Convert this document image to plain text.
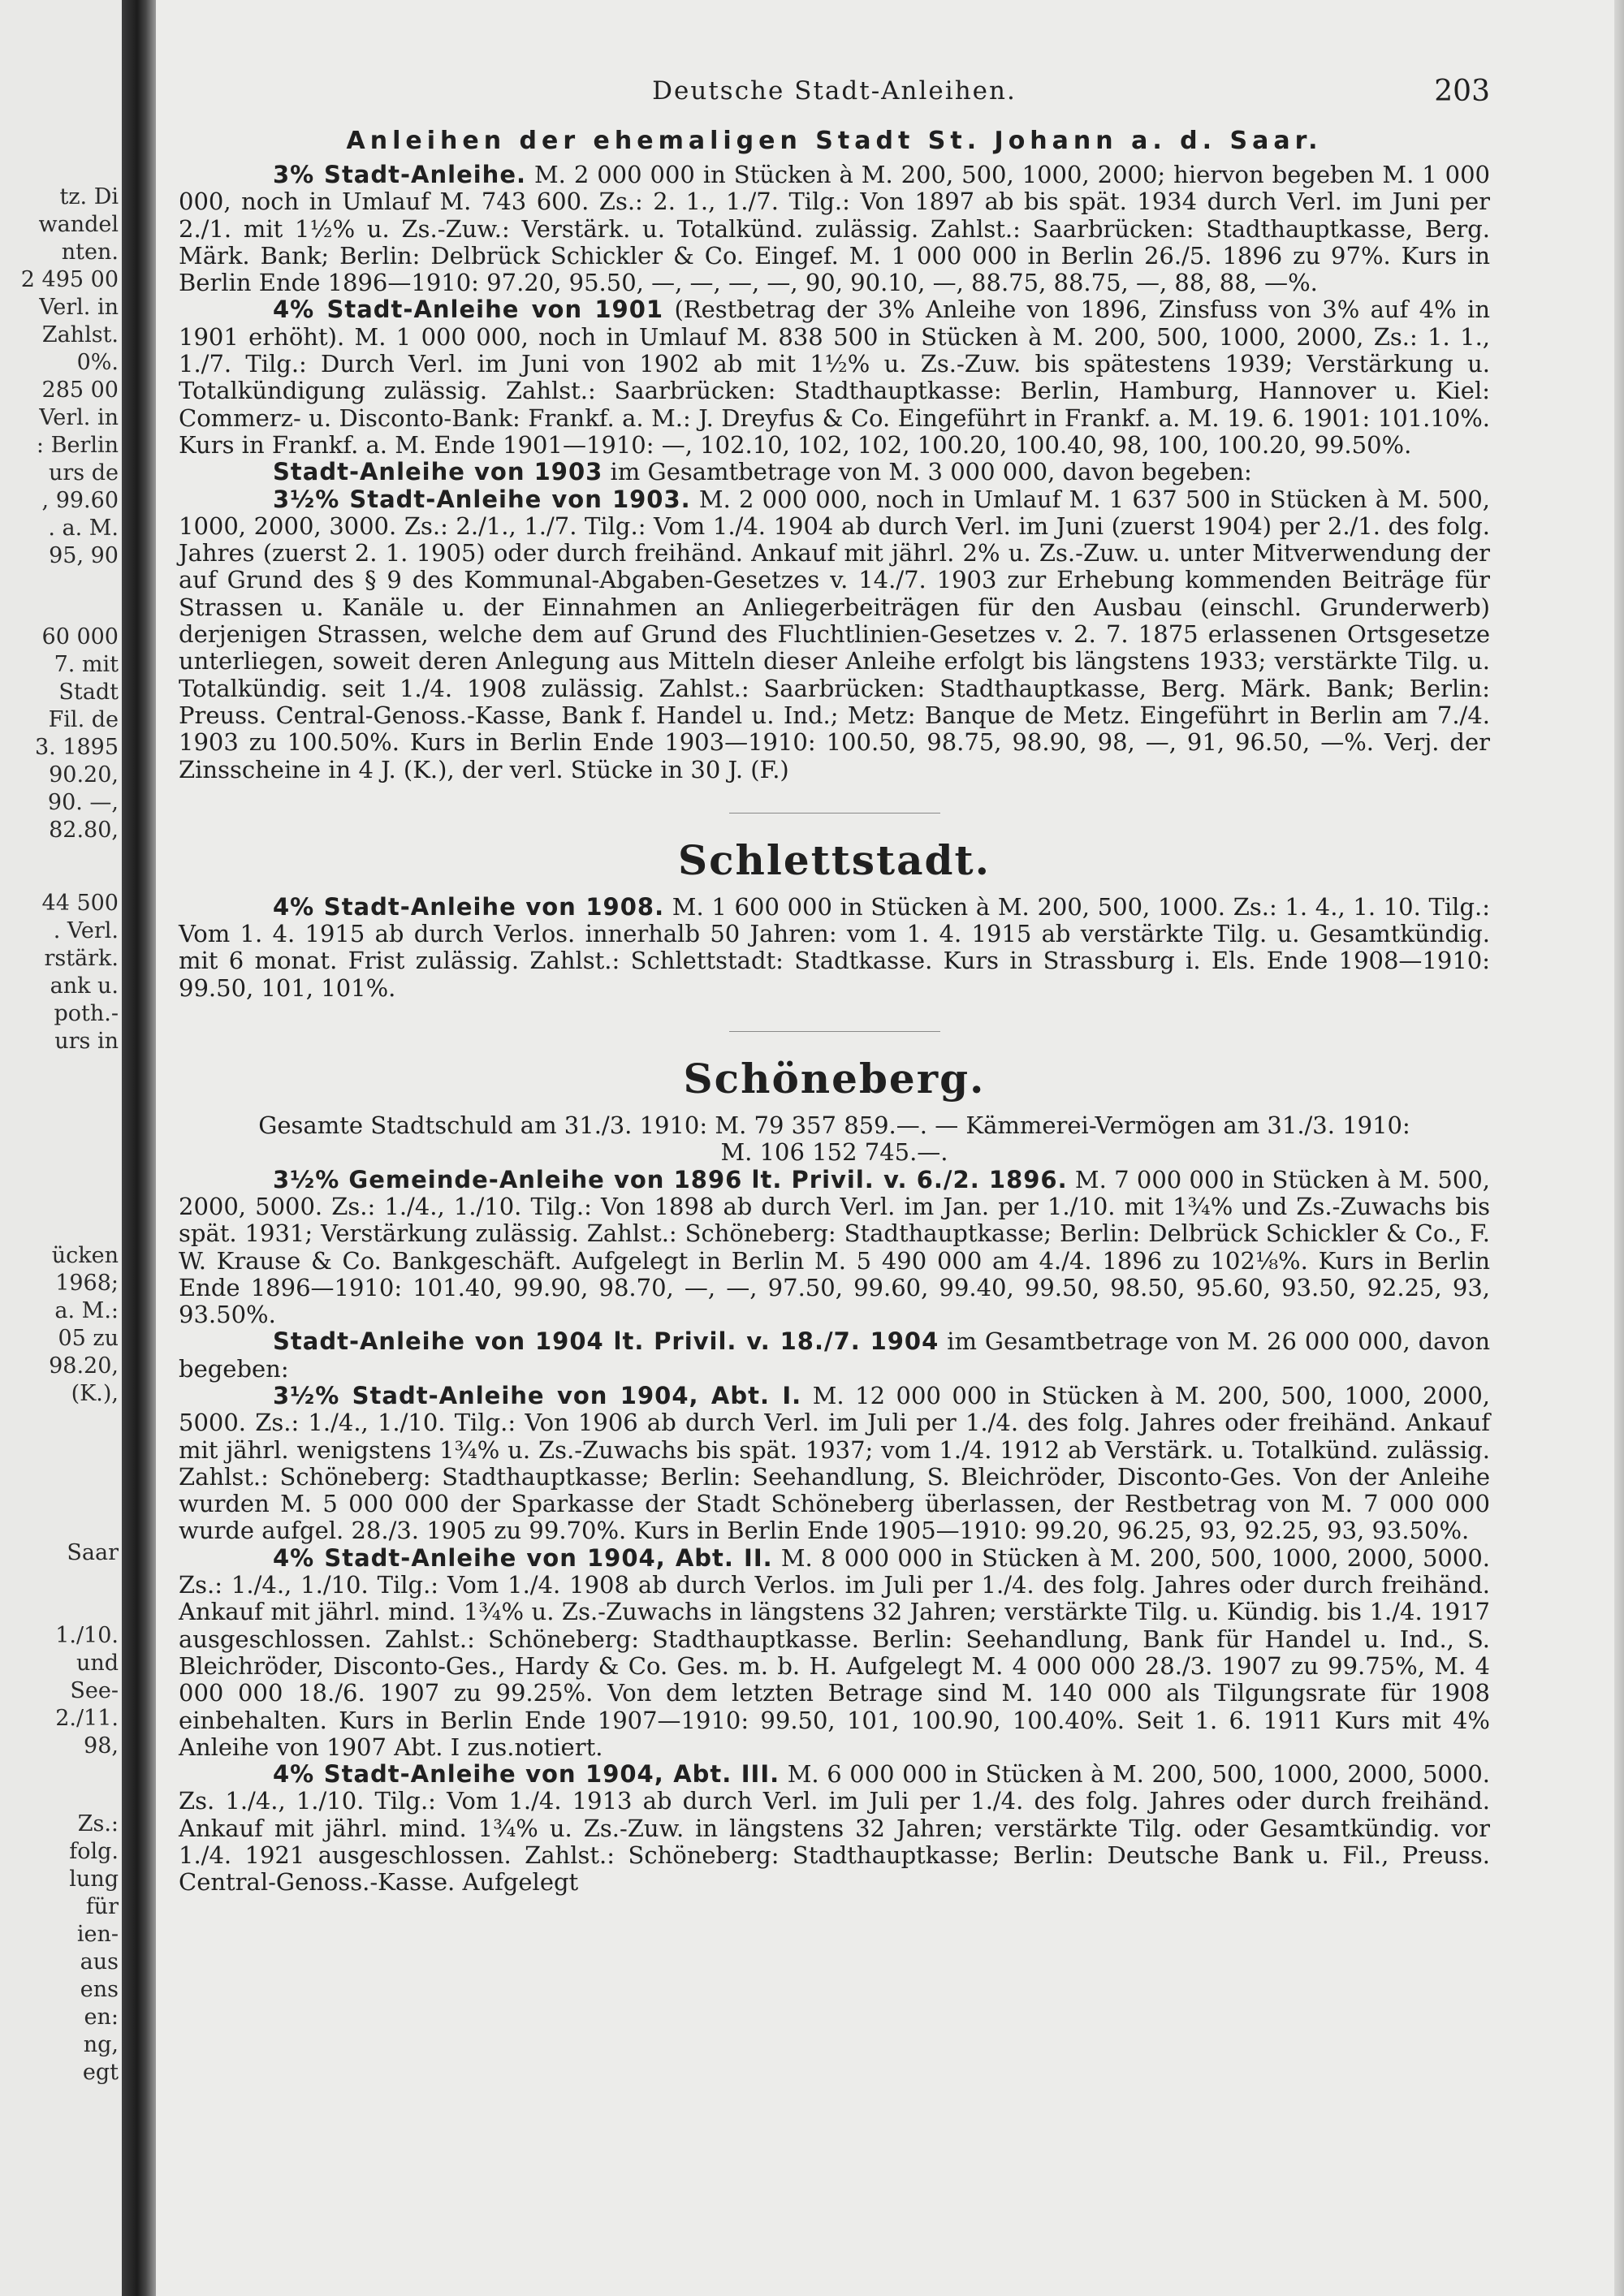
tz. Di
wandel
nten.
2 495 00
Verl. in
Zahlst.
0%.
285 00
Verl. in
: Berlin
urs de
, 99.60
. a. M.
95, 90
60 000
7. mit
Stadt
Fil. de
3. 1895
90.20,
90. —,
82.80,
44 500
. Verl.
rstärk.
ank u.
poth.-
urs in
ücken
1968;
a. M.:
05 zu
98.20,
(K.),
Saar
1./10.
und
See-
2./11.
98,
Zs.:
folg.
lung
für
ien-
aus
ens
en:
ng,
egt
Deutsche Stadt-Anleihen.	203
Anleihen der ehemaligen Stadt St. Johann a. d. Saar.

3% Stadt-Anleihe. M. 2 000 000 in Stücken à M. 200, 500, 1000, 2000; hiervon begeben M. 1 000 000, noch in Umlauf M. 743 600. Zs.: 2. 1., 1./7. Tilg.: Von 1897 ab bis spät. 1934 durch Verl. im Juni per 2./1. mit 1½% u. Zs.-Zuw.: Verstärk. u. Totalkünd. zulässig. Zahlst.: Saarbrücken: Stadthauptkasse, Berg. Märk. Bank; Berlin: Delbrück Schickler & Co. Eingef. M. 1 000 000 in Berlin 26./5. 1896 zu 97%. Kurs in Berlin Ende 1896—1910: 97.20, 95.50, —, —, —, —, 90, 90.10, —, 88.75, 88.75, —, 88, 88, —%.

4% Stadt-Anleihe von 1901 (Restbetrag der 3% Anleihe von 1896, Zinsfuss von 3% auf 4% in 1901 erhöht). M. 1 000 000, noch in Umlauf M. 838 500 in Stücken à M. 200, 500, 1000, 2000, Zs.: 1. 1., 1./7. Tilg.: Durch Verl. im Juni von 1902 ab mit 1½% u. Zs.-Zuw. bis spätestens 1939; Verstärkung u. Totalkündigung zulässig. Zahlst.: Saarbrücken: Stadthauptkasse: Berlin, Hamburg, Hannover u. Kiel: Commerz- u. Disconto-Bank: Frankf. a. M.: J. Dreyfus & Co. Eingeführt in Frankf. a. M. 19. 6. 1901: 101.10%. Kurs in Frankf. a. M. Ende 1901—1910: —, 102.10, 102, 102, 100.20, 100.40, 98, 100, 100.20, 99.50%.

Stadt-Anleihe von 1903 im Gesamtbetrage von M. 3 000 000, davon begeben:

3½% Stadt-Anleihe von 1903. M. 2 000 000, noch in Umlauf M. 1 637 500 in Stücken à M. 500, 1000, 2000, 3000. Zs.: 2./1., 1./7. Tilg.: Vom 1./4. 1904 ab durch Verl. im Juni (zuerst 1904) per 2./1. des folg. Jahres (zuerst 2. 1. 1905) oder durch freihänd. Ankauf mit jährl. 2% u. Zs.-Zuw. u. unter Mitverwendung der auf Grund des § 9 des Kommunal-Abgaben-Gesetzes v. 14./7. 1903 zur Erhebung kommenden Beiträge für Strassen u. Kanäle u. der Einnahmen an Anliegerbeiträgen für den Ausbau (einschl. Grunderwerb) derjenigen Strassen, welche dem auf Grund des Fluchtlinien-Gesetzes v. 2. 7. 1875 erlassenen Ortsgesetze unterliegen, soweit deren Anlegung aus Mitteln dieser Anleihe erfolgt bis längstens 1933; verstärkte Tilg. u. Totalkündig. seit 1./4. 1908 zulässig. Zahlst.: Saarbrücken: Stadthauptkasse, Berg. Märk. Bank; Berlin: Preuss. Central-Genoss.-Kasse, Bank f. Handel u. Ind.; Metz: Banque de Metz. Eingeführt in Berlin am 7./4. 1903 zu 100.50%. Kurs in Berlin Ende 1903—1910: 100.50, 98.75, 98.90, 98, —, 91, 96.50, —%. Verj. der Zinsscheine in 4 J. (K.), der verl. Stücke in 30 J. (F.)

Schlettstadt.

4% Stadt-Anleihe von 1908. M. 1 600 000 in Stücken à M. 200, 500, 1000. Zs.: 1. 4., 1. 10. Tilg.: Vom 1. 4. 1915 ab durch Verlos. innerhalb 50 Jahren: vom 1. 4. 1915 ab verstärkte Tilg. u. Gesamtkündig. mit 6 monat. Frist zulässig. Zahlst.: Schlettstadt: Stadtkasse. Kurs in Strassburg i. Els. Ende 1908—1910: 99.50, 101, 101%.

Schöneberg.
Gesamte Stadtschuld am 31./3. 1910: M. 79 357 859.—. — Kämmerei-Vermögen am 31./3. 1910:
M. 106 152 745.—.

3½% Gemeinde-Anleihe von 1896 lt. Privil. v. 6./2. 1896. M. 7 000 000 in Stücken à M. 500, 2000, 5000. Zs.: 1./4., 1./10. Tilg.: Von 1898 ab durch Verl. im Jan. per 1./10. mit 1¾% und Zs.-Zuwachs bis spät. 1931; Verstärkung zulässig. Zahlst.: Schöneberg: Stadthauptkasse; Berlin: Delbrück Schickler & Co., F. W. Krause & Co. Bankgeschäft. Aufgelegt in Berlin M. 5 490 000 am 4./4. 1896 zu 102⅛%. Kurs in Berlin Ende 1896—1910: 101.40, 99.90, 98.70, —, —, 97.50, 99.60, 99.40, 99.50, 98.50, 95.60, 93.50, 92.25, 93, 93.50%.

Stadt-Anleihe von 1904 lt. Privil. v. 18./7. 1904 im Gesamtbetrage von M. 26 000 000, davon begeben:

3½% Stadt-Anleihe von 1904, Abt. I. M. 12 000 000 in Stücken à M. 200, 500, 1000, 2000, 5000. Zs.: 1./4., 1./10. Tilg.: Von 1906 ab durch Verl. im Juli per 1./4. des folg. Jahres oder freihänd. Ankauf mit jährl. wenigstens 1¾% u. Zs.-Zuwachs bis spät. 1937; vom 1./4. 1912 ab Verstärk. u. Totalkünd. zulässig. Zahlst.: Schöneberg: Stadthauptkasse; Berlin: Seehandlung, S. Bleichröder, Disconto-Ges. Von der Anleihe wurden M. 5 000 000 der Sparkasse der Stadt Schöneberg überlassen, der Restbetrag von M. 7 000 000 wurde aufgel. 28./3. 1905 zu 99.70%. Kurs in Berlin Ende 1905—1910: 99.20, 96.25, 93, 92.25, 93, 93.50%.

4% Stadt-Anleihe von 1904, Abt. II. M. 8 000 000 in Stücken à M. 200, 500, 1000, 2000, 5000. Zs.: 1./4., 1./10. Tilg.: Vom 1./4. 1908 ab durch Verlos. im Juli per 1./4. des folg. Jahres oder durch freihänd. Ankauf mit jährl. mind. 1¾% u. Zs.-Zuwachs in längstens 32 Jahren; verstärkte Tilg. u. Kündig. bis 1./4. 1917 ausgeschlossen. Zahlst.: Schöneberg: Stadthauptkasse. Berlin: Seehandlung, Bank für Handel u. Ind., S. Bleichröder, Disconto-Ges., Hardy & Co. Ges. m. b. H. Aufgelegt M. 4 000 000 28./3. 1907 zu 99.75%, M. 4 000 000 18./6. 1907 zu 99.25%. Von dem letzten Betrage sind M. 140 000 als Tilgungsrate für 1908 einbehalten. Kurs in Berlin Ende 1907—1910: 99.50, 101, 100.90, 100.40%. Seit 1. 6. 1911 Kurs mit 4% Anleihe von 1907 Abt. I zus.notiert.

4% Stadt-Anleihe von 1904, Abt. III. M. 6 000 000 in Stücken à M. 200, 500, 1000, 2000, 5000. Zs. 1./4., 1./10. Tilg.: Vom 1./4. 1913 ab durch Verl. im Juli per 1./4. des folg. Jahres oder durch freihänd. Ankauf mit jährl. mind. 1¾% u. Zs.-Zuw. in längstens 32 Jahren; verstärkte Tilg. oder Gesamtkündig. vor 1./4. 1921 ausgeschlossen. Zahlst.: Schöneberg: Stadthauptkasse; Berlin: Deutsche Bank u. Fil., Preuss. Central-Genoss.-Kasse. Aufgelegt
